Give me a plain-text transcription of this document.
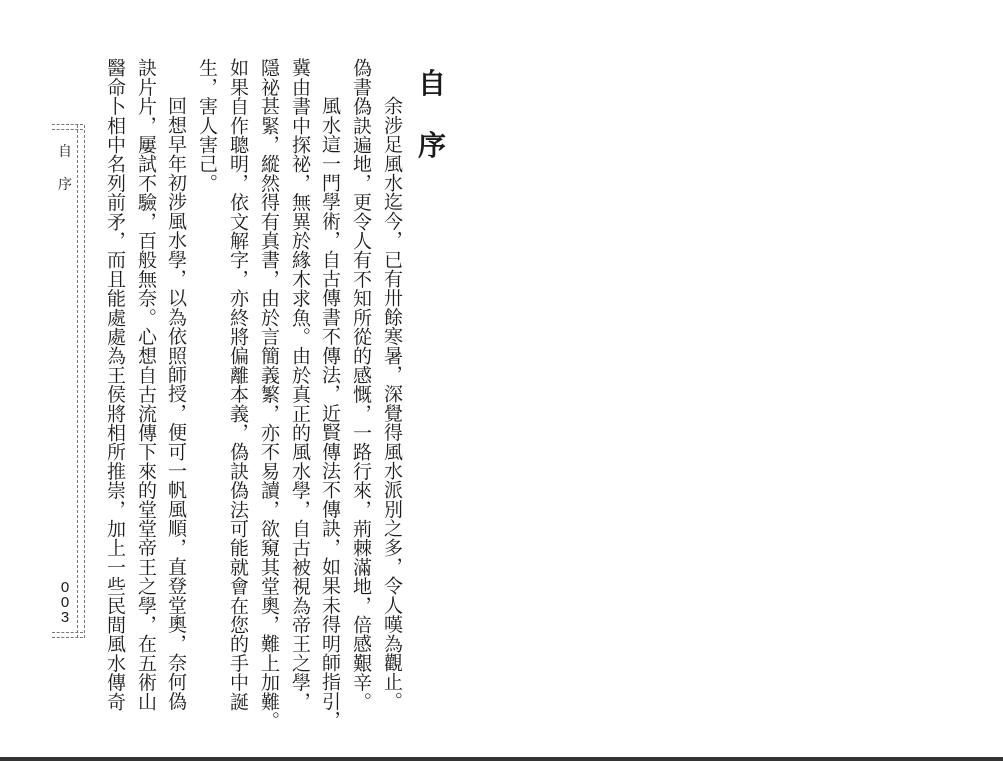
自
序
余涉足風水迄今，已有卅餘寒暑，深覺得風水派別之多，令人嘆為觀止。
偽書偽訣遍地，更令人有不知所從的感慨，一路行來，荊棘滿地，倍感艱辛。
風水這一門學術，自古傳書不傳法，近賢傳法不傳訣，如果未得明師指引，
冀由書中探祕，無異於緣木求魚。由於真正的風水學，自古被視為帝王之學，
隱祕甚緊，縱然得有真書，由於言簡義繁，亦不易讀，欲窺其堂奧，難上加難。
如果自作聰明，依文解字，亦終將偏離本義，偽訣偽法可能就會在您的手中誕
生，害人害己。
回想早年初涉風水學，以為依照師授，便可一帆風順，直登堂奧，奈何偽
訣片片，屢試不驗，百般無奈。心想自古流傳下來的堂堂帝王之學，在五術山
醫命卜相中名列前矛，而且能處處為王侯將相所推崇，加上一些民間風水傳奇
自
序
003
